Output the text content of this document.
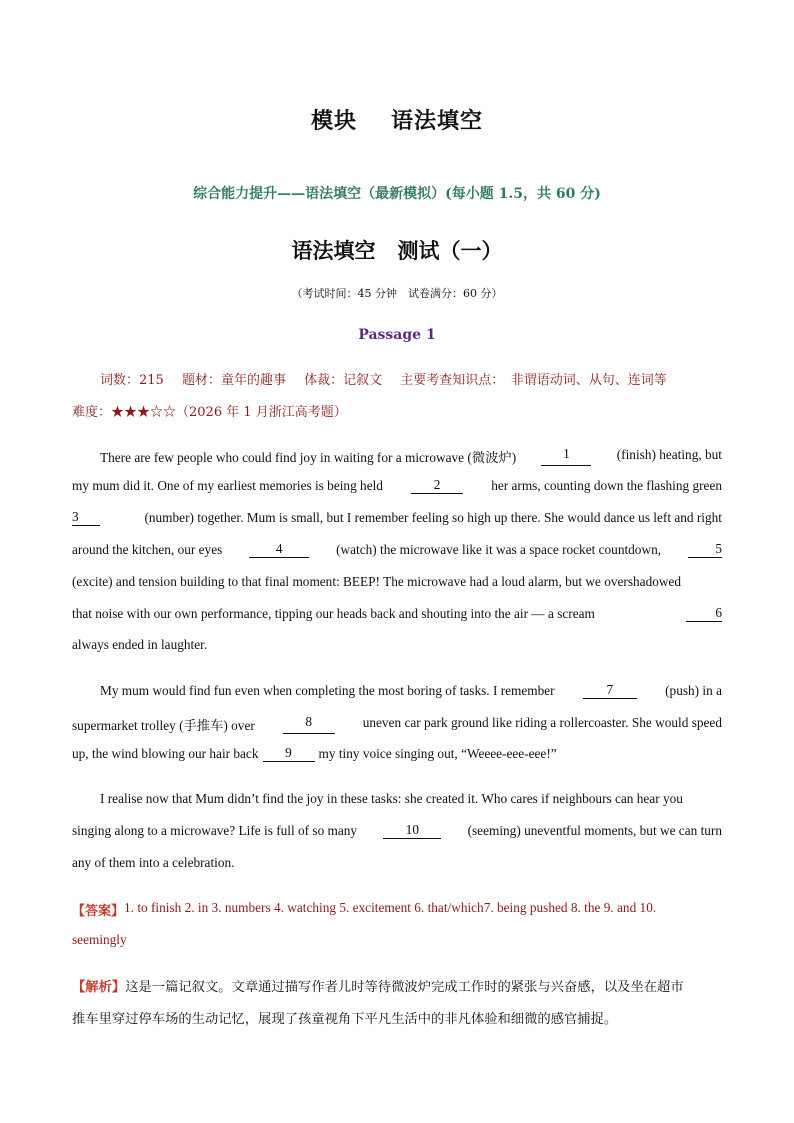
模块 语法填空
综合能力提升——语法填空（最新模拟）(每小题 1.5，共 60 分)
语法填空 测试（一）
（考试时间：45 分钟　试卷满分：60 分）
Passage 1
词数：215 题材：童年的趣事 体裁：记叙文 主要考查知识点：　非谓语动词、从句、连词等
难度：★★★☆☆（2026 年 1 月浙江高考题）
There are few people who could find joy in waiting for a microwave (微波炉)	1	(finish) heating, but
my mum did it. One of my earliest memories is being held	2	her arms, counting down the flashing green
3	(number) together. Mum is small, but I remember feeling so high up there. She would dance us left and right
around the kitchen, our eyes	4	(watch) the microwave like it was a space rocket countdown,	5
(excite) and tension building to that final moment: BEEP! The microwave had a loud alarm, but we overshadowed
that noise with our own performance, tipping our heads back and shouting into the air — a scream	6
always ended in laughter.
My mum would find fun even when completing the most boring of tasks. I remember	7	(push) in a
supermarket trolley (手推车) over	8	uneven car park ground like riding a rollercoaster. She would speed
up, the wind blowing our hair back	9	my tiny voice singing out, “Weeee-eee-eee!”
I realise now that Mum didn’t find the joy in these tasks: she created it. Who cares if neighbours can hear you
singing along to a microwave? Life is full of so many	10	(seeming) uneventful moments, but we can turn
any of them into a celebration.
【答案】 1. to finish 2. in 3. numbers 4. watching 5. excitement 6. that/which7. being pushed 8. the 9. and 10.
seemingly
【解析】这是一篇记叙文。文章通过描写作者儿时等待微波炉完成工作时的紧张与兴奋感，以及坐在超市
推车里穿过停车场的生动记忆，展现了孩童视角下平凡生活中的非凡体验和细微的感官捕捉。
